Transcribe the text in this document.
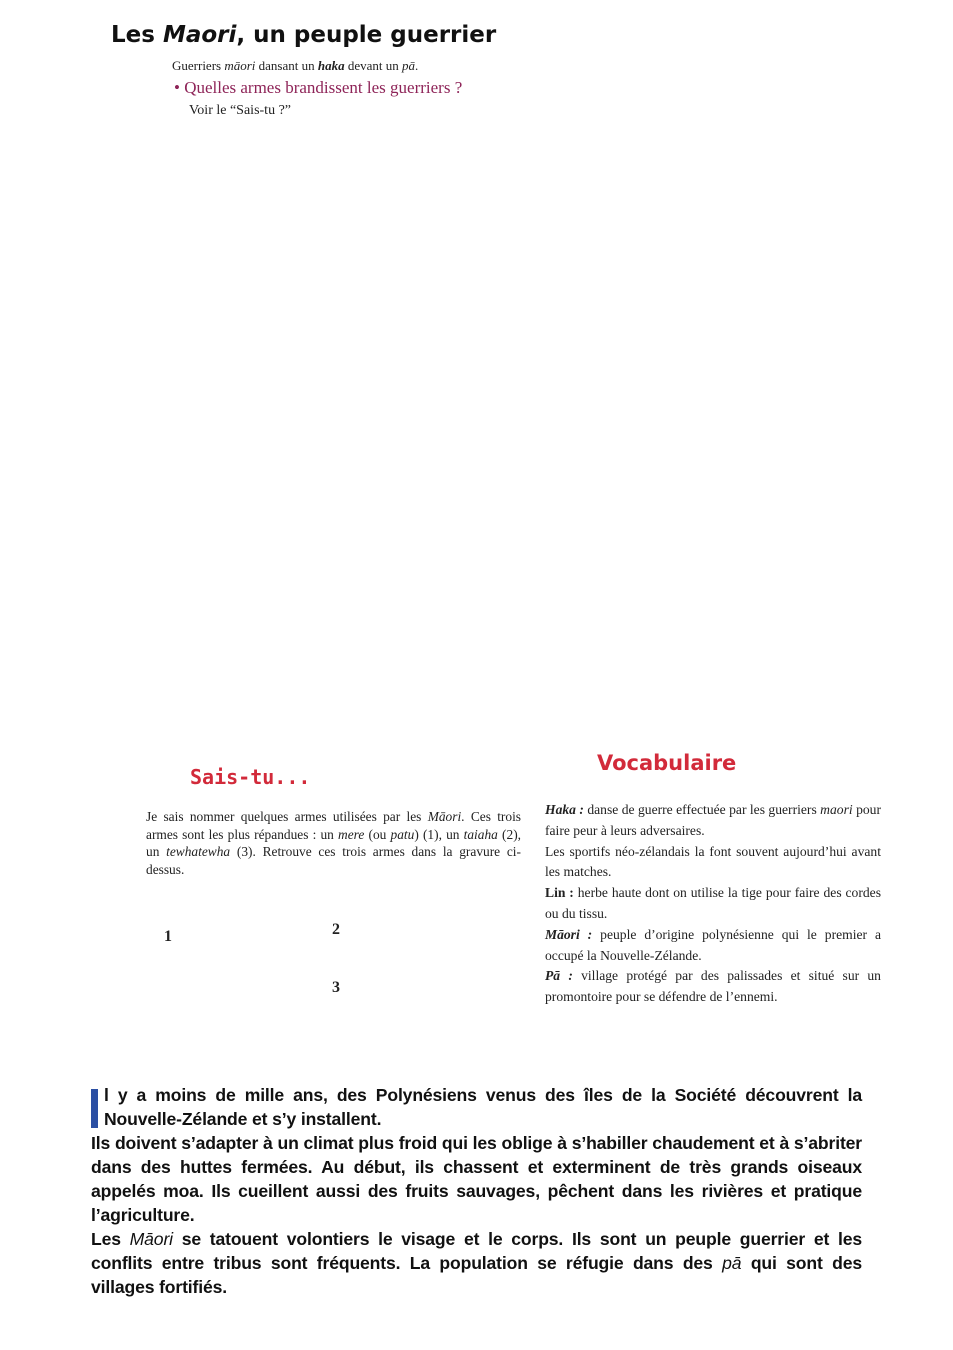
Les Maori, un peuple guerrier
Guerriers māori dansant un haka devant un pā.
• Quelles armes brandissent les guerriers ?
Voir le “Sais-tu ?”
Sais-tu...
Je sais nommer quelques armes utilisées par les Māori. Ces trois armes sont les plus répandues : un mere (ou patu) (1), un taiaha (2), un tewhatewha (3). Retrouve ces trois armes dans la gravure ci-dessus.
1	2
3
Vocabulaire

Haka : danse de guerre effectuée par les guerriers maori pour faire peur à leurs adversaires.

Les sportifs néo-zélandais la font souvent aujourd’hui avant les matches.

Lin : herbe haute dont on utilise la tige pour faire des cordes ou du tissu.

Māori : peuple d’origine polynésienne qui le premier a occupé la Nouvelle-Zélande.

Pā : village protégé par des palissades et situé sur un promontoire pour se défendre de l’ennemi.

l y a moins de mille ans, des Polynésiens venus des îles de la Société découvrent la Nouvelle-Zélande et s’y installent.

Ils doivent s’adapter à un climat plus froid qui les oblige à s’habiller chaudement et à s’abriter dans des huttes fermées. Au début, ils chassent et exterminent de très grands oiseaux appelés moa. Ils cueillent aussi des fruits sauvages, pêchent dans les rivières et pratique l’agriculture.

Les Māori se tatouent volontiers le visage et le corps. Ils sont un peuple guerrier et les conflits entre tribus sont fréquents. La population se réfugie dans des pā qui sont des villages fortifiés.
